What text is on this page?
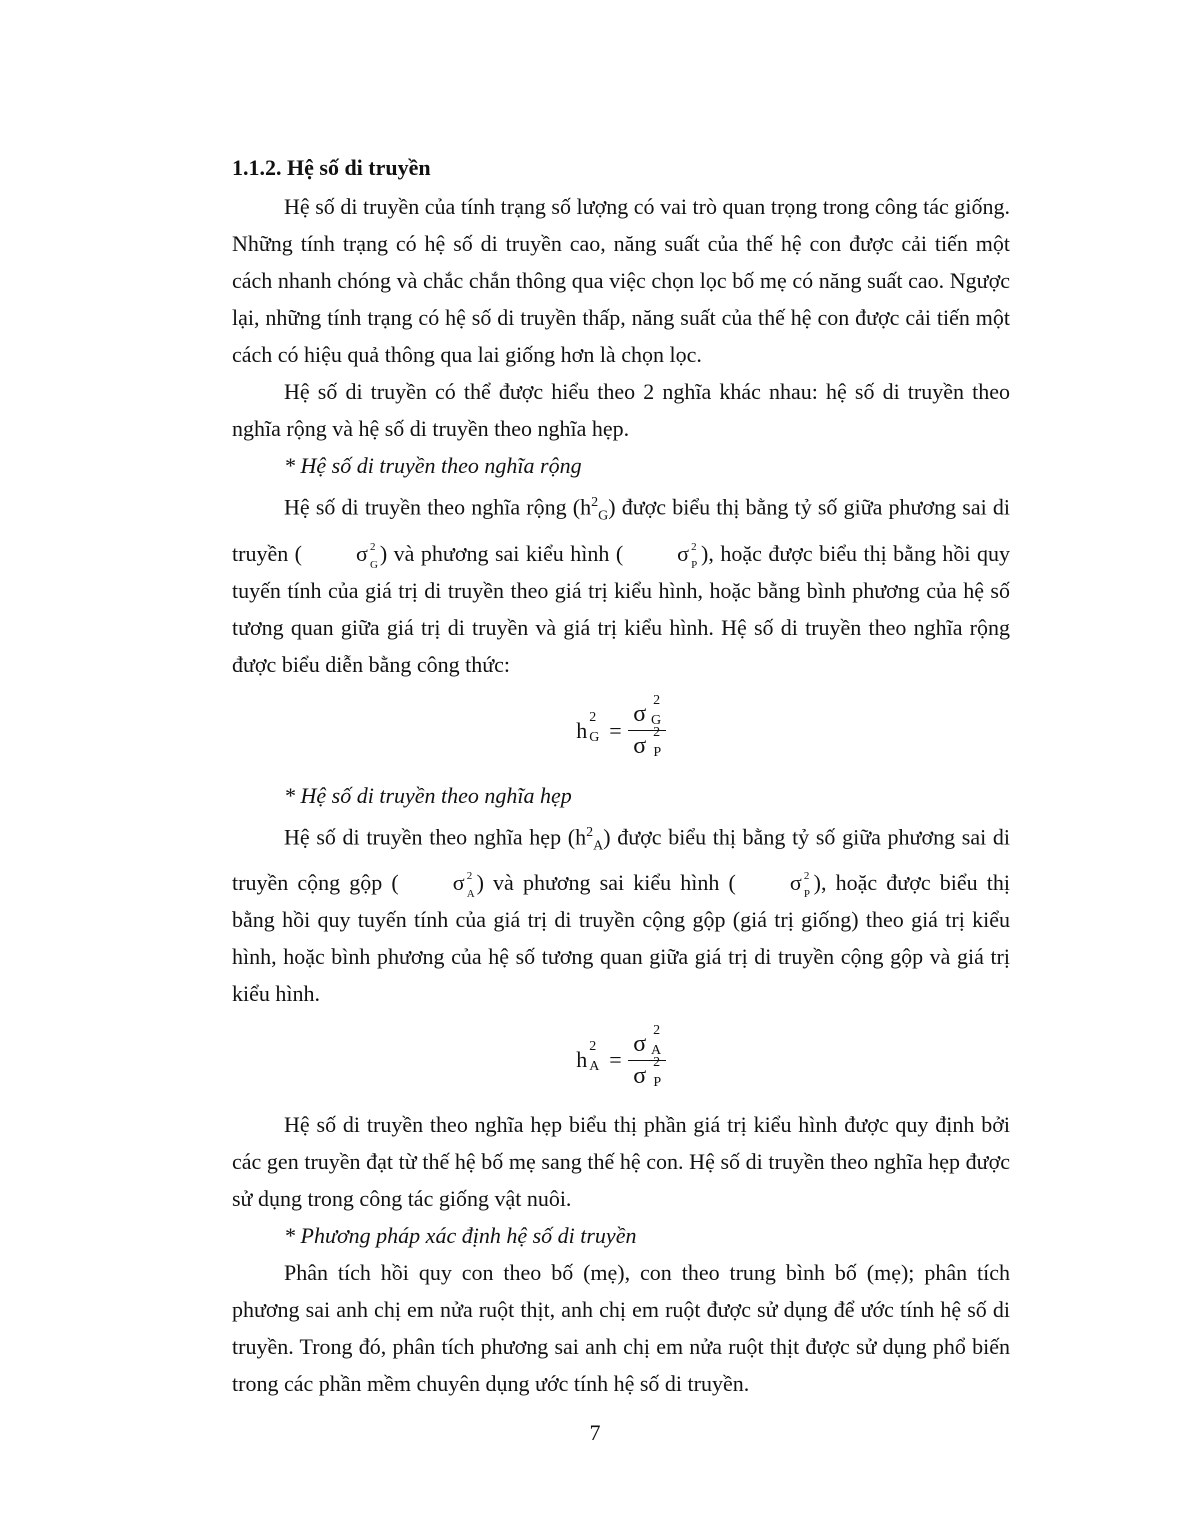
1.1.2. Hệ số di truyền

Hệ số di truyền của tính trạng số lượng có vai trò quan trọng trong công tác giống. Những tính trạng có hệ số di truyền cao, năng suất của thế hệ con được cải tiến một cách nhanh chóng và chắc chắn thông qua việc chọn lọc bố mẹ có năng suất cao. Ngược lại, những tính trạng có hệ số di truyền thấp, năng suất của thế hệ con được cải tiến một cách có hiệu quả thông qua lai giống hơn là chọn lọc.

Hệ số di truyền có thể được hiểu theo 2 nghĩa khác nhau: hệ số di truyền theo nghĩa rộng và hệ số di truyền theo nghĩa hẹp.

* Hệ số di truyền theo nghĩa rộng

Hệ số di truyền theo nghĩa rộng $(h^2_G)$ được biểu thị bằng tỷ số giữa phương sai di truyền ( σ 2
G ) và phương sai kiểu hình ( σ 2
P ), hoặc được biểu thị bằng hồi quy tuyến tính của giá trị di truyền theo giá trị kiểu hình, hoặc bằng bình phương của hệ số tương quan giữa giá trị di truyền và giá trị kiểu hình. Hệ số di truyền theo nghĩa rộng được biểu diễn bằng công thức:

h
2
G = σ
2
G
σ
2
P

* Hệ số di truyền theo nghĩa hẹp

Hệ số di truyền theo nghĩa hẹp $(h^2_A)$ được biểu thị bằng tỷ số giữa phương sai di truyền cộng gộp ( σ 2
A ) và phương sai kiểu hình ( σ 2
P ), hoặc được biểu thị bằng hồi quy tuyến tính của giá trị di truyền cộng gộp (giá trị giống) theo giá trị kiểu hình, hoặc bình phương của hệ số tương quan giữa giá trị di truyền cộng gộp và giá trị kiểu hình.

h
2
A = σ
2
A
σ
2
P

Hệ số di truyền theo nghĩa hẹp biểu thị phần giá trị kiểu hình được quy định bởi các gen truyền đạt từ thế hệ bố mẹ sang thế hệ con. Hệ số di truyền theo nghĩa hẹp được sử dụng trong công tác giống vật nuôi.

* Phương pháp xác định hệ số di truyền

Phân tích hồi quy con theo bố (mẹ), con theo trung bình bố (mẹ); phân tích phương sai anh chị em nửa ruột thịt, anh chị em ruột được sử dụng để ước tính hệ số di truyền. Trong đó, phân tích phương sai anh chị em nửa ruột thịt được sử dụng phổ biến trong các phần mềm chuyên dụng ước tính hệ số di truyền.

7
